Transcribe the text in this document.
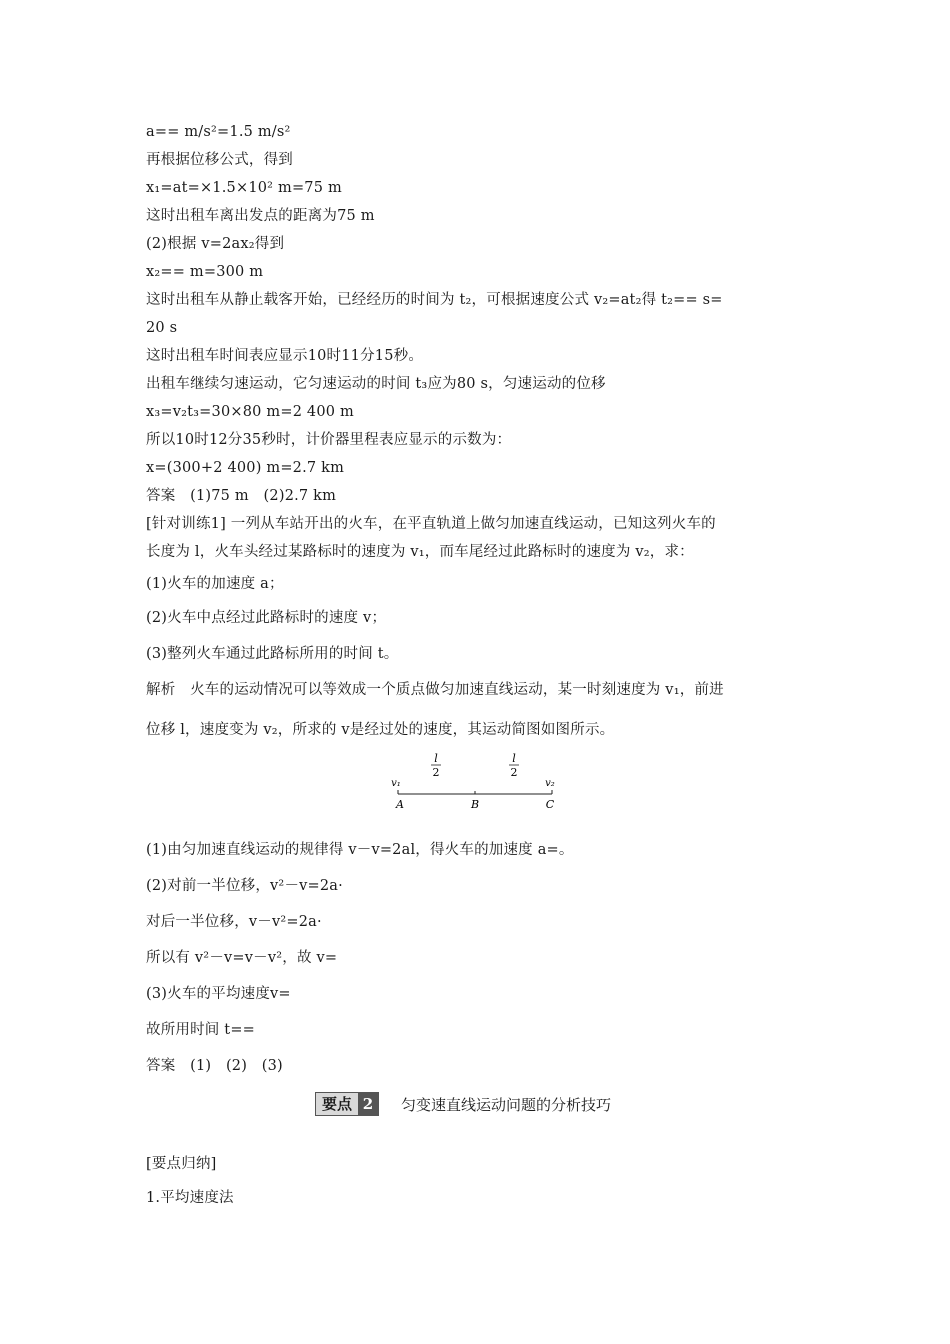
a== m/s²=1.5 m/s²
再根据位移公式，得到
x₁=at=×1.5×10² m=75 m
这时出租车离出发点的距离为75 m
(2)根据 v=2ax₂得到
x₂== m=300 m
这时出租车从静止载客开始，已经经历的时间为 t₂，可根据速度公式 v₂=at₂得 t₂== s=
20 s
这时出租车时间表应显示10时11分15秒。
出租车继续匀速运动，它匀速运动的时间 t₃应为80 s，匀速运动的位移
x₃=v₂t₃=30×80 m=2 400 m
所以10时12分35秒时，计价器里程表应显示的示数为：
x=(300+2 400) m=2.7 km
答案　(1)75 m　(2)2.7 km
[针对训练1] 一列从车站开出的火车，在平直轨道上做匀加速直线运动，已知这列火车的
长度为 l，火车头经过某路标时的速度为 v₁，而车尾经过此路标时的速度为 v₂，求：
(1)火车的加速度 a；
(2)火车中点经过此路标时的速度 v；
(3)整列火车通过此路标所用的时间 t。
解析　火车的运动情况可以等效成一个质点做匀加速直线运动，某一时刻速度为 v₁，前进
位移 l，速度变为 v₂，所求的 v是经过处的速度，其运动简图如图所示。
(1)由匀加速直线运动的规律得 v－v=2al，得火车的加速度 a=。
(2)对前一半位移，v²－v=2a·
对后一半位移，v－v²=2a·
所以有 v²－v=v－v²，故 v=
(3)火车的平均速度v=
故所用时间 t==
答案　(1)　(2)　(3)
[要点归纳]
1.平均速度法
l
2
l
2
v₁	v₂
A	B	C
要点 2	匀变速直线运动问题的分析技巧
